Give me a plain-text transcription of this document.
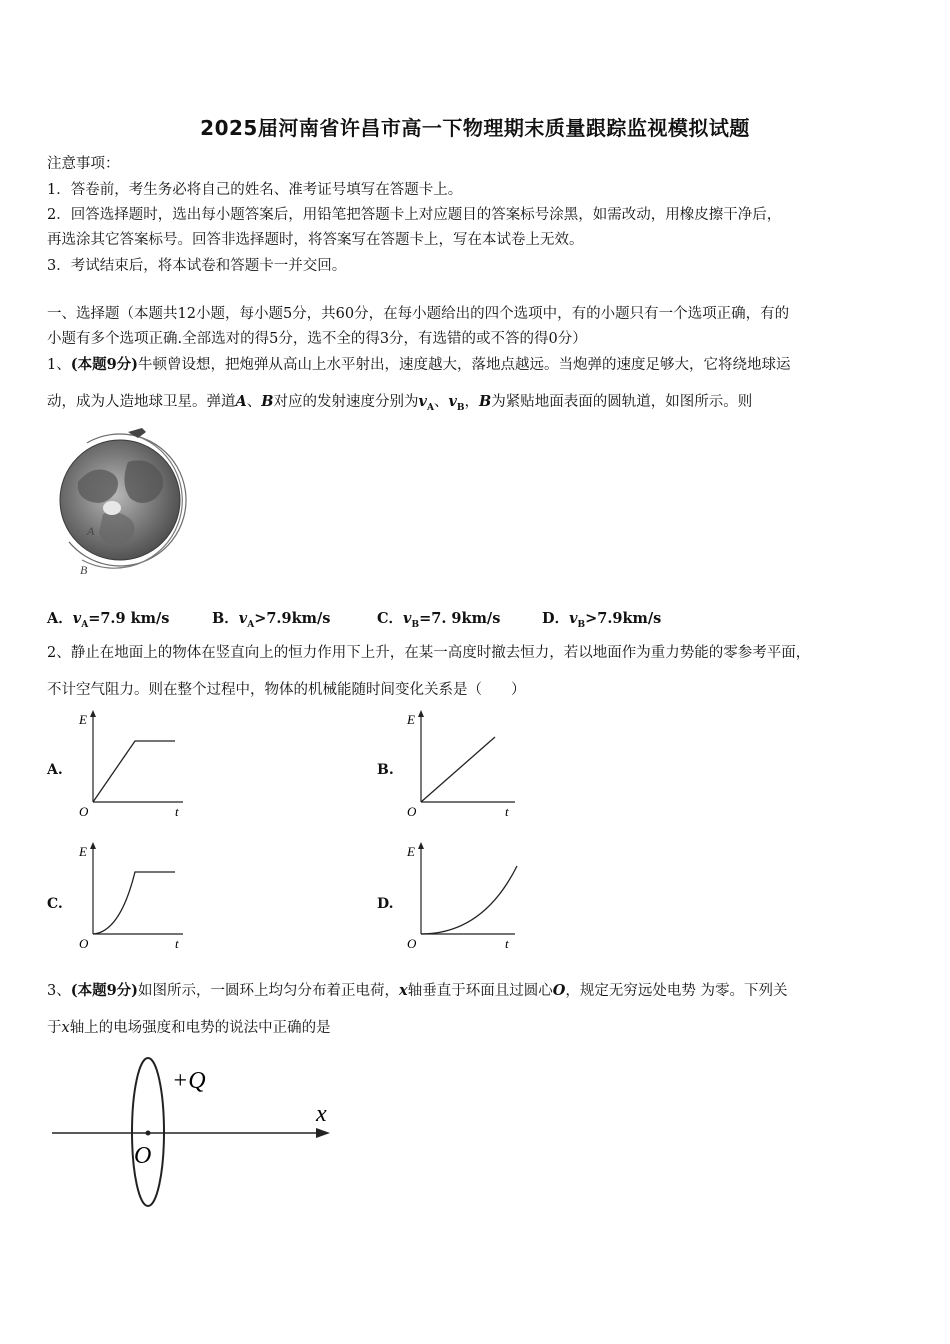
2025届河南省许昌市高一下物理期末质量跟踪监视模拟试题
注意事项：
1．答卷前，考生务必将自己的姓名、准考证号填写在答题卡上。
2．回答选择题时，选出每小题答案后，用铅笔把答题卡上对应题目的答案标号涂黑，如需改动，用橡皮擦干净后，
再选涂其它答案标号。回答非选择题时，将答案写在答题卡上，写在本试卷上无效。
3．考试结束后，将本试卷和答题卡一并交回。
一、选择题（本题共12小题，每小题5分，共60分，在每小题给出的四个选项中，有的小题只有一个选项正确，有的
小题有多个选项正确.全部选对的得5分，选不全的得3分，有选错的或不答的得0分）
1、(本题9分)牛顿曾设想，把炮弹从高山上水平射出，速度越大，落地点越远。当炮弹的速度足够大，它将绕地球运
动，成为人造地球卫星。弹道A、B对应的发射速度分别为$v_A$、$v_B$，B为紧贴地面表面的圆轨道，如图所示。则
A
B
A．$v_A=7.9$ km/s	B．$v_A>7.9km/s$	C．$v_B=7$. 9km/s	D．$v_B>7.9km/s$
2、静止在地面上的物体在竖直向上的恒力作用下上升，在某一高度时撤去恒力，若以地面作为重力势能的零参考平面，
不计空气阻力。则在整个过程中，物体的机械能随时间变化关系是（　　）
A.
E
O	t
B.
E
O	t
C.
E
O	t
D.
E
O	t
3、(本题9分)如图所示，一圆环上均匀分布着正电荷，x轴垂直于环面且过圆心O，规定无穷远处电势 为零。下列关
于x轴上的电场强度和电势的说法中正确的是
+Q
x
O
